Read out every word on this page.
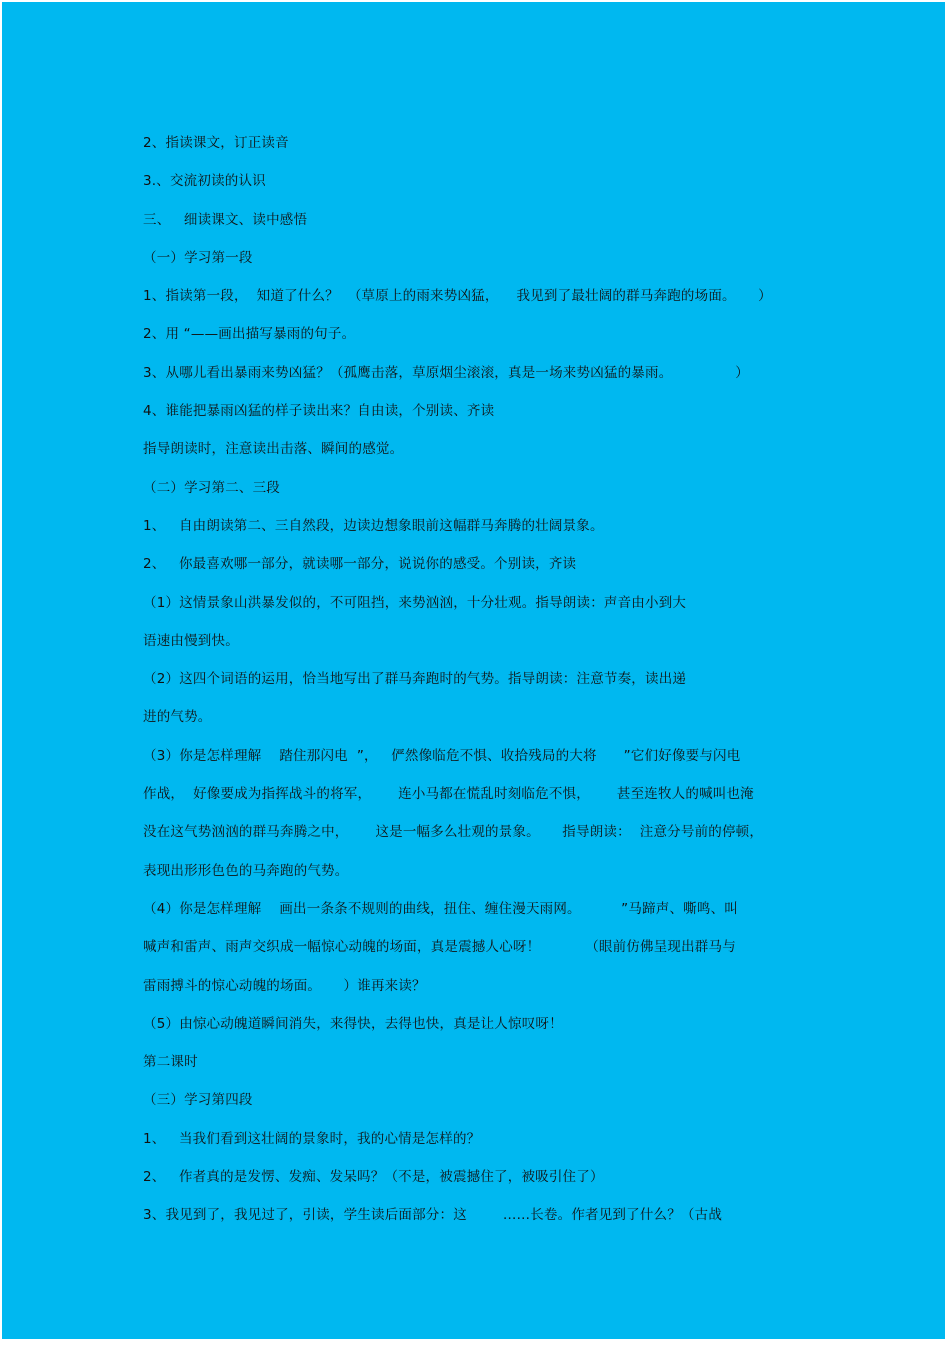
2、指读课文，订正读音
3.、交流初读的认识
三、   细读课文、读中感悟
（一）学习第一段
1、指读第一段，  知道了什么？  （草原上的雨来势凶猛，    我见到了最壮阔的群马奔跑的场面。     ）
2、用 “——画出描写暴雨的句子。
3、从哪儿看出暴雨来势凶猛？（孤鹰击落，草原烟尘滚滚，真是一场来势凶猛的暴雨。              ）
4、谁能把暴雨凶猛的样子读出来？自由读，个别读、齐读
指导朗读时，注意读出击落、瞬间的感觉。
（二）学习第二、三段
1、   自由朗读第二、三自然段，边读边想象眼前这幅群马奔腾的壮阔景象。
2、   你最喜欢哪一部分，就读哪一部分，说说你的感受。个别读，齐读
（1）这情景象山洪暴发似的，不可阻挡，来势汹汹，十分壮观。指导朗读：声音由小到大
语速由慢到快。
（2）这四个词语的运用，恰当地写出了群马奔跑时的气势。指导朗读：注意节奏，读出递
进的气势。
（3）你是怎样理解    踏住那闪电  ”，   俨然像临危不惧、收拾残局的大将      ”它们好像要与闪电
作战，  好像要成为指挥战斗的将军，      连小马都在慌乱时刻临危不惧，      甚至连牧人的喊叫也淹
没在这气势汹汹的群马奔腾之中，      这是一幅多么壮观的景象。     指导朗读：  注意分号前的停顿，
表现出形形色色的马奔跑的气势。
（4）你是怎样理解    画出一条条不规则的曲线，扭住、缠住漫天雨网。         ”马蹄声、嘶鸣、叫
喊声和雷声、雨声交织成一幅惊心动魄的场面，真是震撼人心呀！          （眼前仿佛呈现出群马与
雷雨搏斗的惊心动魄的场面。     ）谁再来读？
（5）由惊心动魄道瞬间消失，来得快，去得也快，真是让人惊叹呀！
第二课时
（三）学习第四段
1、   当我们看到这壮阔的景象时，我的心情是怎样的？
2、   作者真的是发愣、发痴、发呆吗？（不是，被震撼住了，被吸引住了）
3、我见到了，我见过了，引读，学生读后面部分：这        ……长卷。作者见到了什么？（古战
